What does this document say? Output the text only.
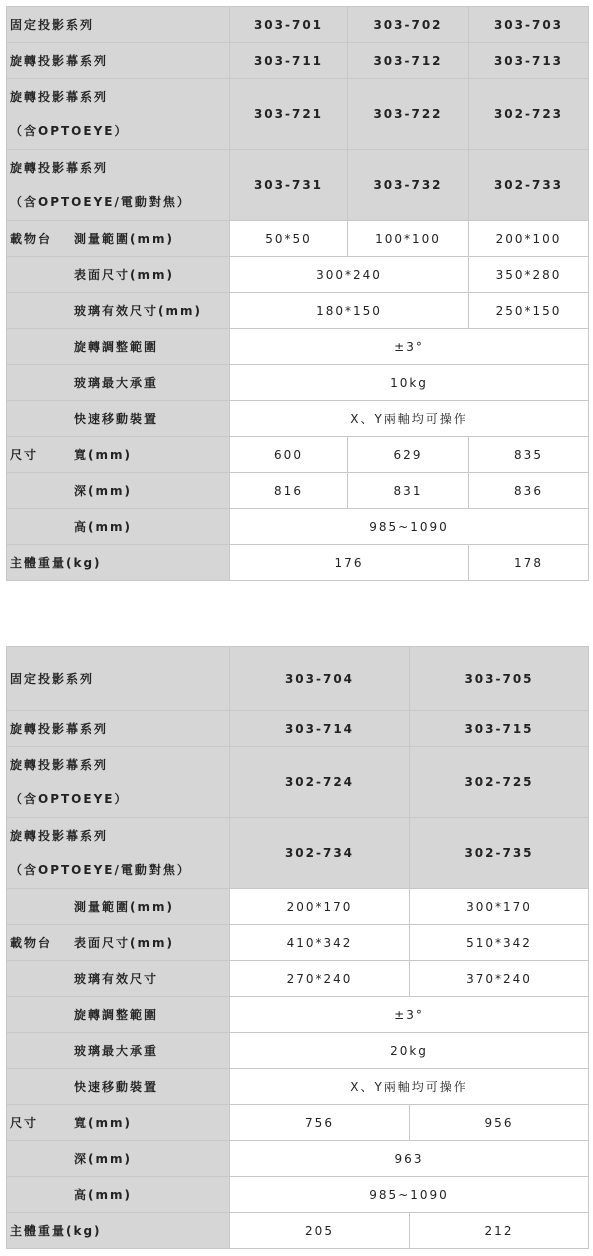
固定投影系列	303-701	303-702	303-703
旋轉投影幕系列	303-711	303-712	303-713

旋轉投影幕系列
（含OPTOEYE）	303-721	303-722	302-723

旋轉投影幕系列
（含OPTOEYE/電動對焦）	303-731	303-732	302-733
載物台 測量範圍(mm)	50*50	100*100	200*100
表面尺寸(mm)	300*240		350*280
玻璃有效尺寸(mm)	180*150		250*150
旋轉調整範圍	±3°		
玻璃最大承重	10kg		
快速移動裝置	X、Y兩軸均可操作		
尺寸 寬(mm)	600	629	835
深(mm)	816	831	836
高(mm)	985~1090		
主體重量(kg)	176		178
固定投影系列	303-704	303-705
旋轉投影幕系列	303-714	303-715

旋轉投影幕系列
（含OPTOEYE）	302-724	302-725

旋轉投影幕系列
（含OPTOEYE/電動對焦）	302-734	302-735
測量範圍(mm)	200*170	300*170
載物台 表面尺寸(mm)	410*342	510*342
玻璃有效尺寸	270*240	370*240
旋轉調整範圍	±3°	
玻璃最大承重	20kg	
快速移動裝置	X、Y兩軸均可操作	
尺寸 寬(mm)	756	956
深(mm)	963	
高(mm)	985~1090	
主體重量(kg)	205	212
